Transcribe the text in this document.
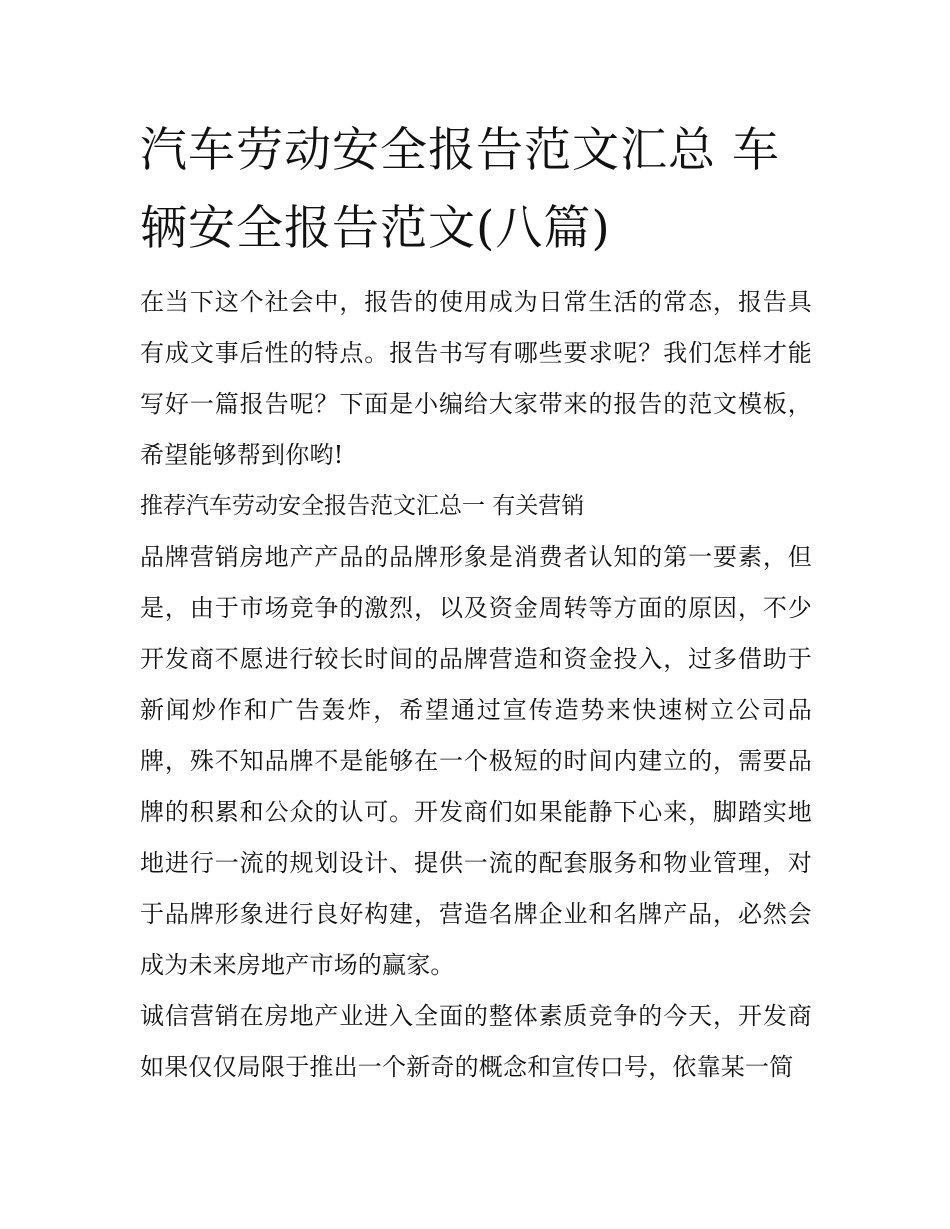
汽车劳动安全报告范文汇总 车辆安全报告范文(八篇)

在当下这个社会中，报告的使用成为日常生活的常态，报告具有成文事后性的特点。报告书写有哪些要求呢？我们怎样才能写好一篇报告呢？下面是小编给大家带来的报告的范文模板，希望能够帮到你哟!

推荐汽车劳动安全报告范文汇总一 有关营销

品牌营销房地产产品的品牌形象是消费者认知的第一要素，但是，由于市场竞争的激烈，以及资金周转等方面的原因，不少开发商不愿进行较长时间的品牌营造和资金投入，过多借助于新闻炒作和广告轰炸，希望通过宣传造势来快速树立公司品牌，殊不知品牌不是能够在一个极短的时间内建立的，需要品牌的积累和公众的认可。开发商们如果能静下心来，脚踏实地地进行一流的规划设计、提供一流的配套服务和物业管理，对于品牌形象进行良好构建，营造名牌企业和名牌产品，必然会成为未来房地产市场的赢家。

诚信营销在房地产业进入全面的整体素质竞争的今天，开发商如果仅仅局限于推出一个新奇的概念和宣传口号，依靠某一简
